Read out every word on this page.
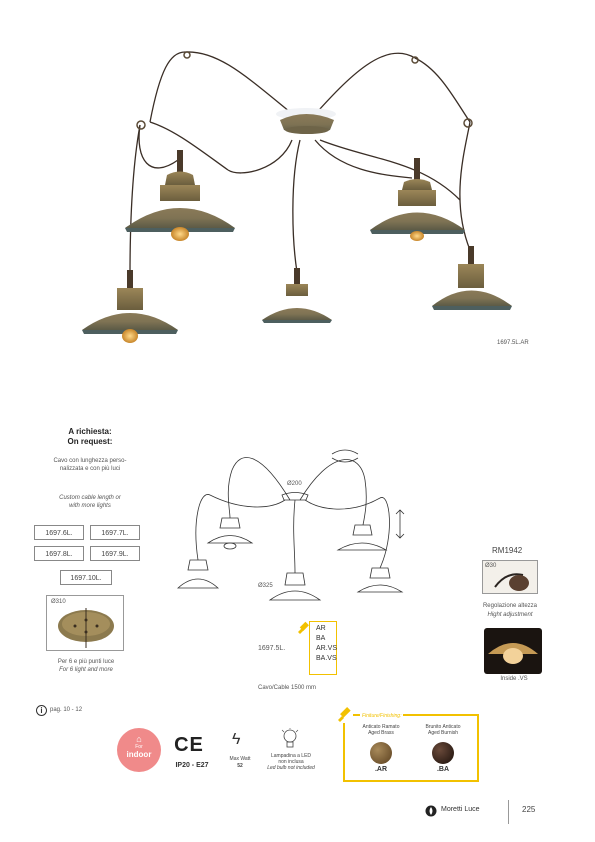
1697.5L.AR
A richiesta:
On request:
Cavo con lunghezza perso-
nalizzata e con più luci
Custom cable length or
with more lights
1697.6L.	1697.7L.
1697.8L.	1697.9L.
1697.10L.
Ø310
Per 6 e più punti luce
For 6 light and more
Ø200
Ø325
1697.5L.
AR
BA
AR.VS
BA.VS
Cavo/Cable 1500 mm
RM1942
Ø30
Regolazione altezza
Hight adjustment
Inside .VS
i	pag. 10 - 12
⌂
For
indoor	CE
IP20 - E27
ϟ
Max Watt
52
Lampadina a LED
non inclusa
Led bulb not included
Finiture/Finishing:
Anticato Ramato
Aged Brass
.AR
Brunito Anticato
Aged Burnish
.BA
Moretti Luce	225
